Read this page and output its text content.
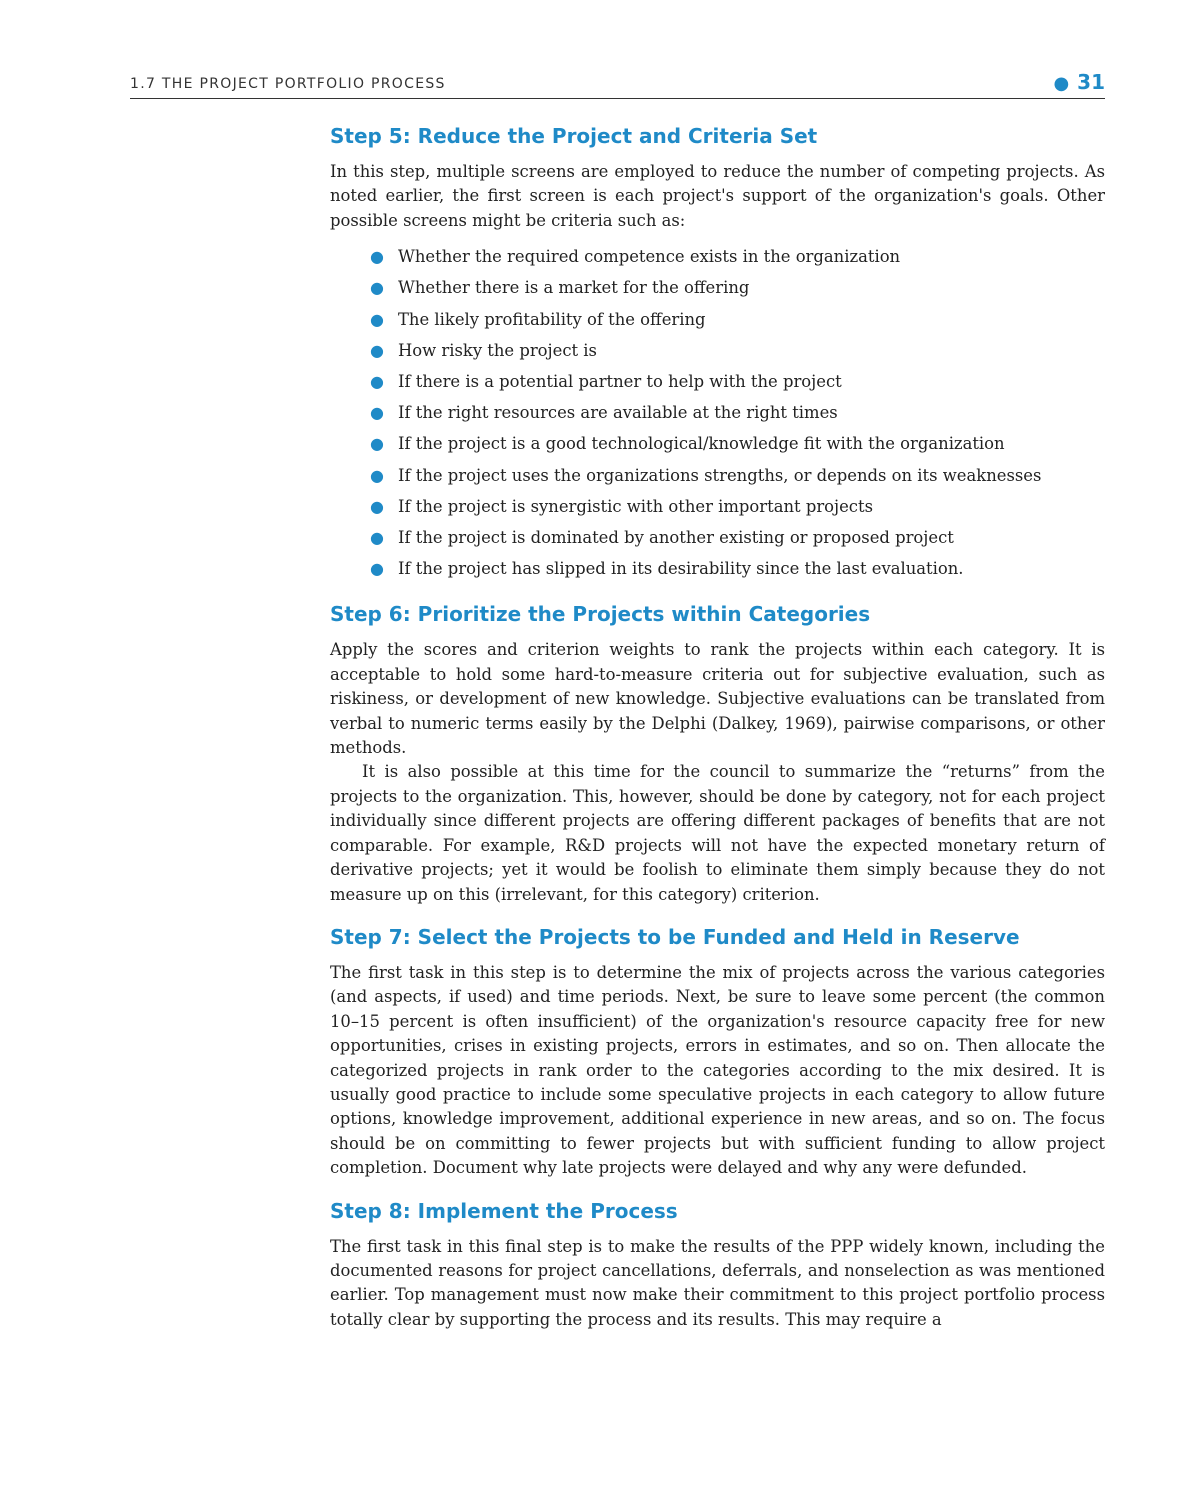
1.7 THE PROJECT PORTFOLIO PROCESS	● 31
Step 5: Reduce the Project and Criteria Set

In this step, multiple screens are employed to reduce the number of competing projects. As noted earlier, the first screen is each project's support of the organization's goals. Other possible screens might be criteria such as:

● Whether the required competence exists in the organization
● Whether there is a market for the offering
● The likely profitability of the offering
● How risky the project is
● If there is a potential partner to help with the project
● If the right resources are available at the right times
● If the project is a good technological/knowledge fit with the organization
● If the project uses the organizations strengths, or depends on its weaknesses
● If the project is synergistic with other important projects
● If the project is dominated by another existing or proposed project
● If the project has slipped in its desirability since the last evaluation.
Step 6: Prioritize the Projects within Categories

Apply the scores and criterion weights to rank the projects within each category. It is acceptable to hold some hard-to-measure criteria out for subjective evaluation, such as riskiness, or development of new knowledge. Subjective evaluations can be translated from verbal to numeric terms easily by the Delphi (Dalkey, 1969), pairwise comparisons, or other methods.

It is also possible at this time for the council to summarize the “returns” from the projects to the organization. This, however, should be done by category, not for each project individually since different projects are offering different packages of benefits that are not comparable. For example, R&D projects will not have the expected monetary return of derivative projects; yet it would be foolish to eliminate them simply because they do not measure up on this (irrelevant, for this category) criterion.

Step 7: Select the Projects to be Funded and Held in Reserve

The first task in this step is to determine the mix of projects across the various categories (and aspects, if used) and time periods. Next, be sure to leave some percent (the common 10–15 percent is often insufficient) of the organization's resource capacity free for new opportunities, crises in existing projects, errors in estimates, and so on. Then allocate the categorized projects in rank order to the categories according to the mix desired. It is usually good practice to include some speculative projects in each category to allow future options, knowledge improvement, additional experience in new areas, and so on. The focus should be on committing to fewer projects but with sufficient funding to allow project completion. Document why late projects were delayed and why any were defunded.

Step 8: Implement the Process

The first task in this final step is to make the results of the PPP widely known, including the documented reasons for project cancellations, deferrals, and nonselection as was mentioned earlier. Top management must now make their commitment to this project portfolio process totally clear by supporting the process and its results. This may require a
